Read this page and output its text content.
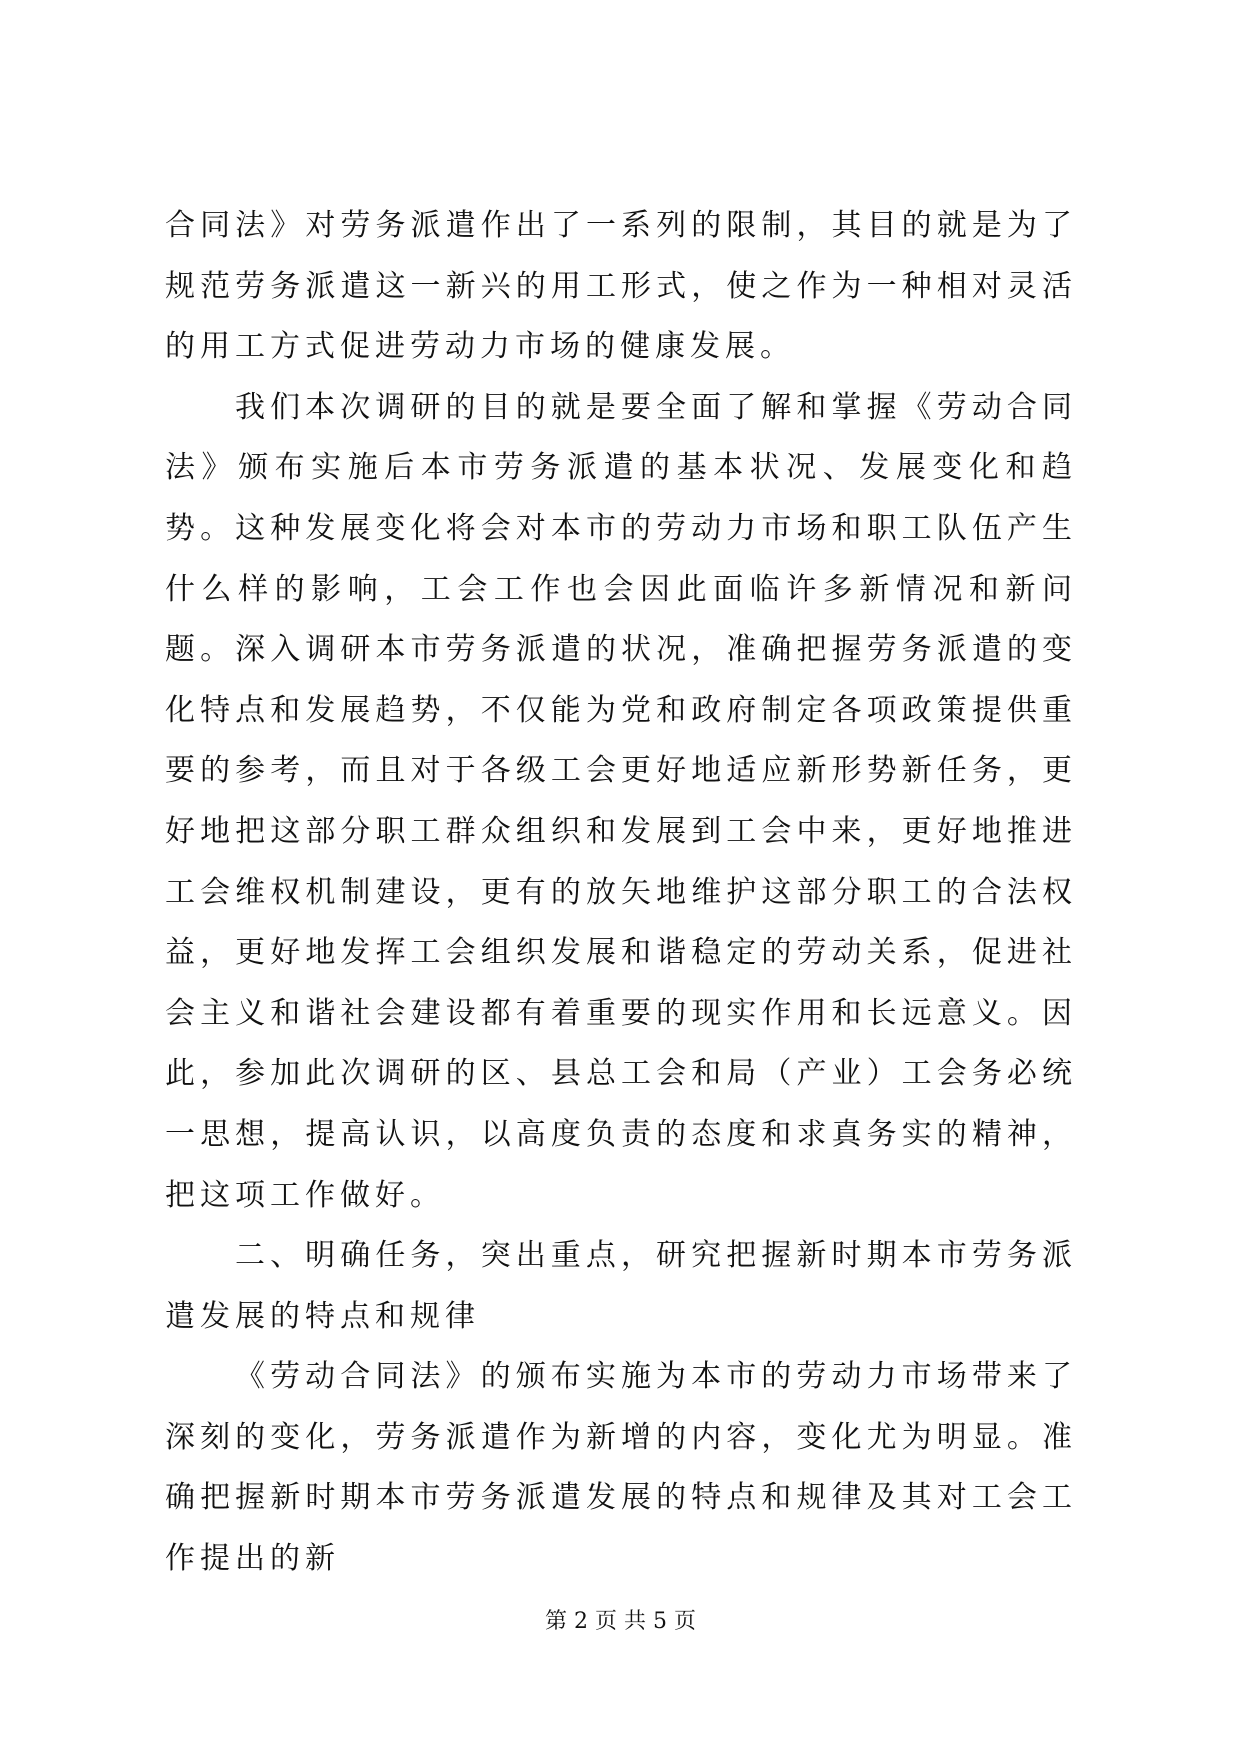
合同法》对劳务派遣作出了一系列的限制，其目的就是为了规范劳务派遣这一新兴的用工形式，使之作为一种相对灵活的用工方式促进劳动力市场的健康发展。

我们本次调研的目的就是要全面了解和掌握《劳动合同法》颁布实施后本市劳务派遣的基本状况、发展变化和趋势。这种发展变化将会对本市的劳动力市场和职工队伍产生什么样的影响，工会工作也会因此面临许多新情况和新问题。深入调研本市劳务派遣的状况，准确把握劳务派遣的变化特点和发展趋势，不仅能为党和政府制定各项政策提供重要的参考，而且对于各级工会更好地适应新形势新任务，更好地把这部分职工群众组织和发展到工会中来，更好地推进工会维权机制建设，更有的放矢地维护这部分职工的合法权益，更好地发挥工会组织发展和谐稳定的劳动关系，促进社会主义和谐社会建设都有着重要的现实作用和长远意义。因此，参加此次调研的区、县总工会和局（产业）工会务必统一思想，提高认识，以高度负责的态度和求真务实的精神，把这项工作做好。

二、明确任务，突出重点，研究把握新时期本市劳务派遣发展的特点和规律

《劳动合同法》的颁布实施为本市的劳动力市场带来了深刻的变化，劳务派遣作为新增的内容，变化尤为明显。准确把握新时期本市劳务派遣发展的特点和规律及其对工会工作提出的新

第 2 页 共 5 页
